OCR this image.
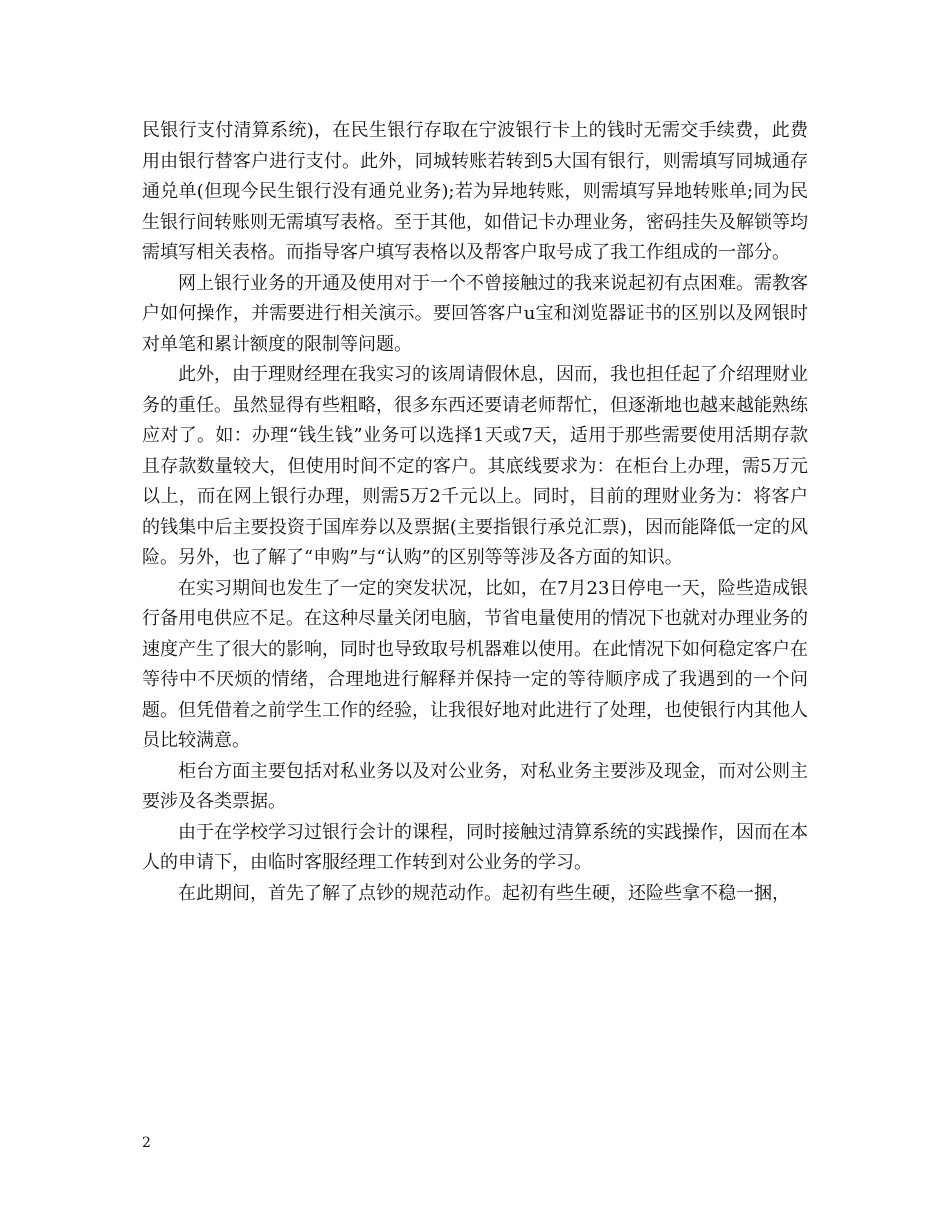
民银行支付清算系统)，在民生银行存取在宁波银行卡上的钱时无需交手续费，此费用由银行替客户进行支付。此外，同城转账若转到5大国有银行，则需填写同城通存通兑单(但现今民生银行没有通兑业务);若为异地转账，则需填写异地转账单;同为民生银行间转账则无需填写表格。至于其他，如借记卡办理业务，密码挂失及解锁等均需填写相关表格。而指导客户填写表格以及帮客户取号成了我工作组成的一部分。

网上银行业务的开通及使用对于一个不曾接触过的我来说起初有点困难。需教客户如何操作，并需要进行相关演示。要回答客户u宝和浏览器证书的区别以及网银时对单笔和累计额度的限制等问题。

此外，由于理财经理在我实习的该周请假休息，因而，我也担任起了介绍理财业务的重任。虽然显得有些粗略，很多东西还要请老师帮忙，但逐渐地也越来越能熟练应对了。如：办理“钱生钱”业务可以选择1天或7天，适用于那些需要使用活期存款且存款数量较大，但使用时间不定的客户。其底线要求为：在柜台上办理，需5万元以上，而在网上银行办理，则需5万2千元以上。同时，目前的理财业务为：将客户的钱集中后主要投资于国库券以及票据(主要指银行承兑汇票)，因而能降低一定的风险。另外，也了解了“申购”与“认购”的区别等等涉及各方面的知识。

在实习期间也发生了一定的突发状况，比如，在7月23日停电一天，险些造成银行备用电供应不足。在这种尽量关闭电脑，节省电量使用的情况下也就对办理业务的速度产生了很大的影响，同时也导致取号机器难以使用。在此情况下如何稳定客户在等待中不厌烦的情绪，合理地进行解释并保持一定的等待顺序成了我遇到的一个问题。但凭借着之前学生工作的经验，让我很好地对此进行了处理，也使银行内其他人员比较满意。

柜台方面主要包括对私业务以及对公业务，对私业务主要涉及现金，而对公则主要涉及各类票据。

由于在学校学习过银行会计的课程，同时接触过清算系统的实践操作，因而在本人的申请下，由临时客服经理工作转到对公业务的学习。

在此期间，首先了解了点钞的规范动作。起初有些生硬，还险些拿不稳一捆，

2
